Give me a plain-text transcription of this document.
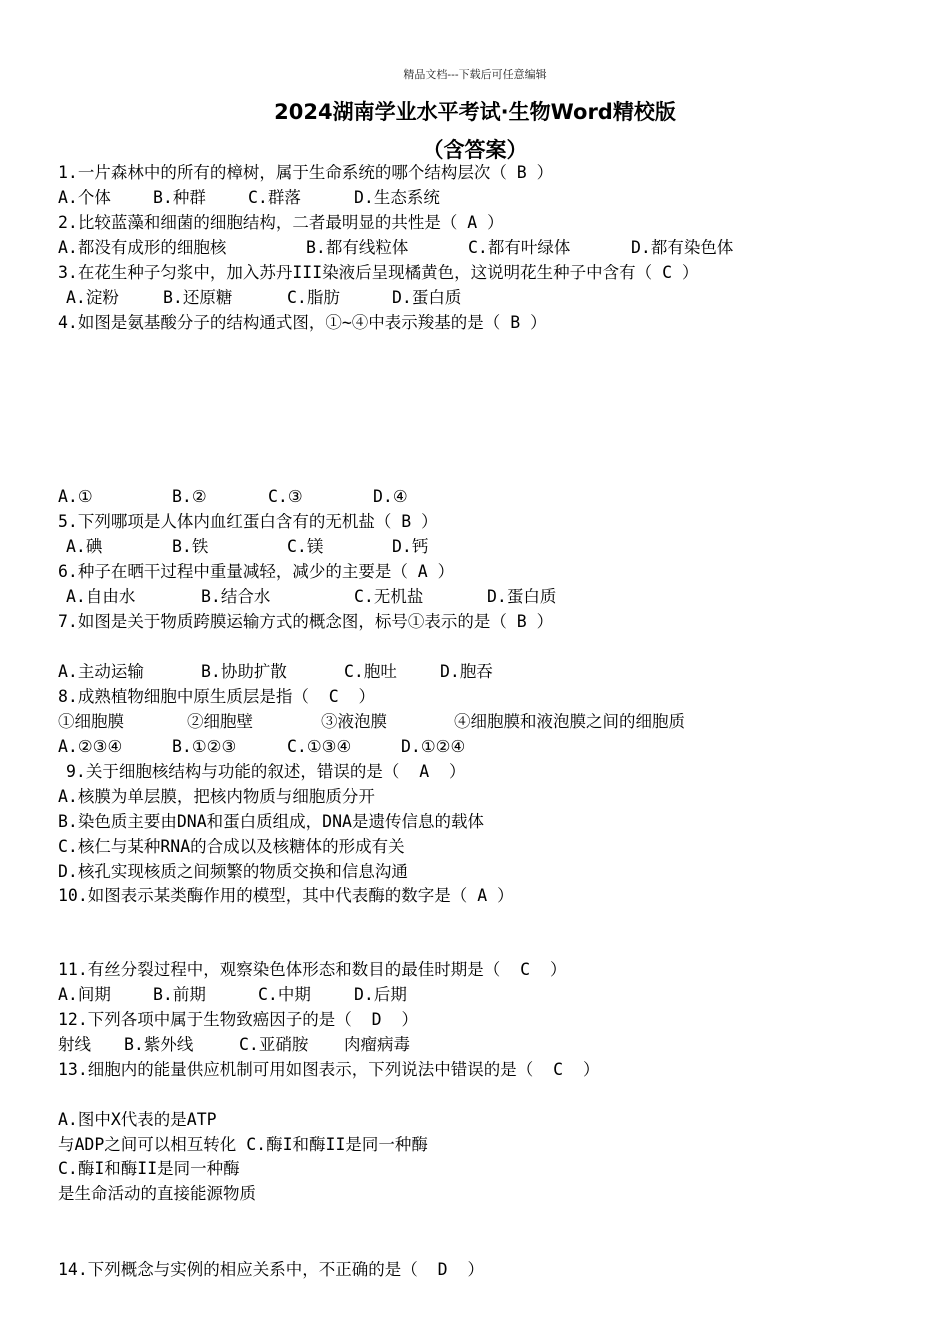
精品文档---下载后可任意编辑
2024湖南学业水平考试·生物Word精校版
（含答案）
1.一片森林中的所有的樟树，属于生命系统的哪个结构层次（ B ）
A.个体	B.种群	C.群落	D.生态系统
2.比较蓝藻和细菌的细胞结构，二者最明显的共性是（ A ）
A.都没有成形的细胞核	B.都有线粒体	C.都有叶绿体	D.都有染色体
3.在花生种子匀浆中，加入苏丹III染液后呈现橘黄色，这说明花生种子中含有（ C ）
A.淀粉	B.还原糖	C.脂肪	D.蛋白质
4.如图是氨基酸分子的结构通式图，①~④中表示羧基的是（ B ）
A.①	B.②	C.③	D.④
5.下列哪项是人体内血红蛋白含有的无机盐（ B ）
A.碘	B.铁	C.镁	D.钙
6.种子在晒干过程中重量减轻，减少的主要是（ A ）
A.自由水	B.结合水	C.无机盐	D.蛋白质
7.如图是关于物质跨膜运输方式的概念图，标号①表示的是（ B ）
A.主动运输	B.协助扩散	C.胞吐	D.胞吞
8.成熟植物细胞中原生质层是指（  C  ）
①细胞膜	②细胞壁	③液泡膜	④细胞膜和液泡膜之间的细胞质
A.②③④	B.①②③	C.①③④	D.①②④
9.关于细胞核结构与功能的叙述，错误的是（  A  ）
A.核膜为单层膜，把核内物质与细胞质分开
B.染色质主要由DNA和蛋白质组成，DNA是遗传信息的载体
C.核仁与某种RNA的合成以及核糖体的形成有关
D.核孔实现核质之间频繁的物质交换和信息沟通
10.如图表示某类酶作用的模型，其中代表酶的数字是（ A ）
11.有丝分裂过程中，观察染色体形态和数目的最佳时期是（  C  ）
A.间期	B.前期	C.中期	D.后期
12.下列各项中属于生物致癌因子的是（  D  ）
射线 B.紫外线	C.亚硝胺 肉瘤病毒
13.细胞内的能量供应机制可用如图表示，下列说法中错误的是（  C  ）
A.图中X代表的是ATP
与ADP之间可以相互转化 C.酶I和酶II是同一种酶
C.酶I和酶II是同一种酶
是生命活动的直接能源物质
14.下列概念与实例的相应关系中，不正确的是（  D  ）
